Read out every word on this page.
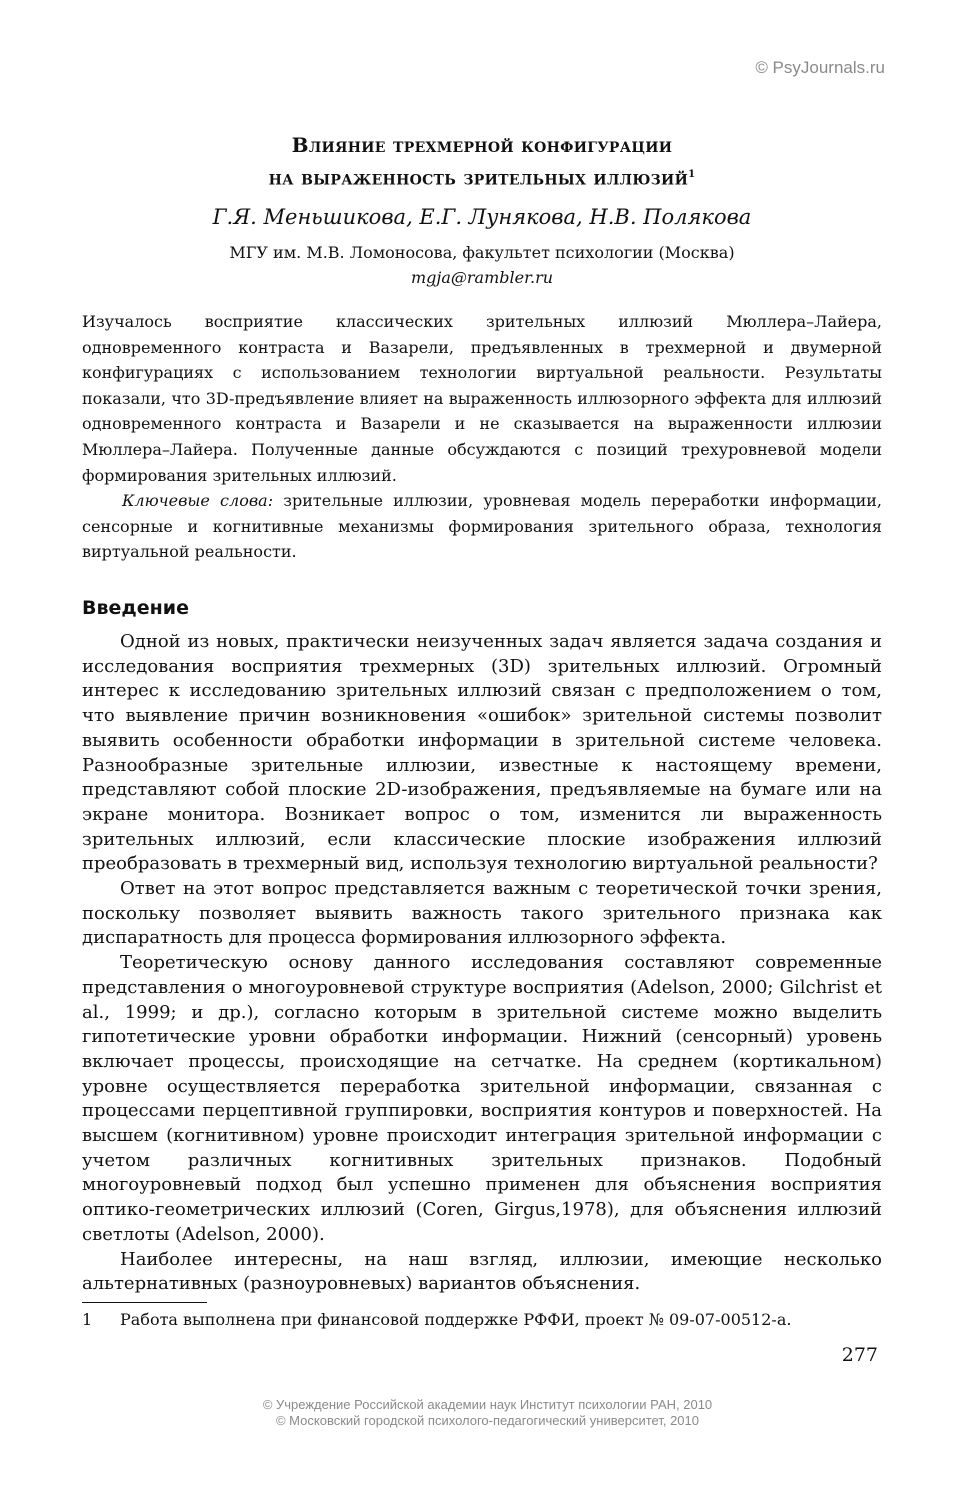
© PsyJournals.ru
Влияние трехмерной конфигурации
на выраженность зрительных иллюзий$^1$
Г.Я. Меньшикова, Е.Г. Лунякова, Н.В. Полякова
МГУ им. М.В. Ломоносова, факультет психологии (Москва)
mgja@rambler.ru

Изучалось восприятие классических зрительных иллюзий Мюллера–Лайера, одновременного контраста и Вазарели, предъявленных в трехмерной и двумерной конфигурациях с использованием технологии виртуальной реальности. Результаты показали, что 3D-предъявление влияет на выраженность иллюзорного эффекта для иллюзий одновременного контраста и Вазарели и не сказывается на выраженности иллюзии Мюллера–Лайера. Полученные данные обсуждаются с позиций трехуровневой модели формирования зрительных иллюзий.

Ключевые слова: зрительные иллюзии, уровневая модель переработки информации, сенсорные и когнитивные механизмы формирования зрительного образа, технология виртуальной реальности.

Введение

Одной из новых, практически неизученных задач является задача создания и исследования восприятия трехмерных (3D) зрительных иллюзий. Огромный интерес к исследованию зрительных иллюзий связан с предположением о том, что выявление причин возникновения «ошибок» зрительной системы позволит выявить особенности обработки информации в зрительной системе человека. Разнообразные зрительные иллюзии, известные к настоящему времени, представляют собой плоские 2D-изображения, предъявляемые на бумаге или на экране монитора. Возникает вопрос о том, изменится ли выраженность зрительных иллюзий, если классические плоские изображения иллюзий преобразовать в трехмерный вид, используя технологию виртуальной реальности?

Ответ на этот вопрос представляется важным с теоретической точки зрения, поскольку позволяет выявить важность такого зрительного признака как диспаратность для процесса формирования иллюзорного эффекта.

Теоретическую основу данного исследования составляют современные представления о многоуровневой структуре восприятия (Adelson, 2000; Gilchrist et al., 1999; и др.), согласно которым в зрительной системе можно выделить гипотетические уровни обработки информации. Нижний (сенсорный) уровень включает процессы, происходящие на сетчатке. На среднем (кортикальном) уровне осуществляется переработка зрительной информации, связанная с процессами перцептивной группировки, восприятия контуров и поверхностей. На высшем (когнитивном) уровне происходит интеграция зрительной информации с учетом различных когнитивных зрительных признаков. Подобный многоуровневый подход был успешно применен для объяснения восприятия оптико-геометрических иллюзий (Coren, Girgus,1978), для объяснения иллюзий светлоты (Adelson, 2000).

Наиболее интересны, на наш взгляд, иллюзии, имеющие несколько альтернативных (разноуровневых) вариантов объяснения.

1 Работа выполнена при финансовой поддержке РФФИ, проект № 09-07-00512-а.
277
© Учреждение Российской академии наук Институт психологии РАН, 2010
© Московский городской психолого-педагогический университет, 2010
